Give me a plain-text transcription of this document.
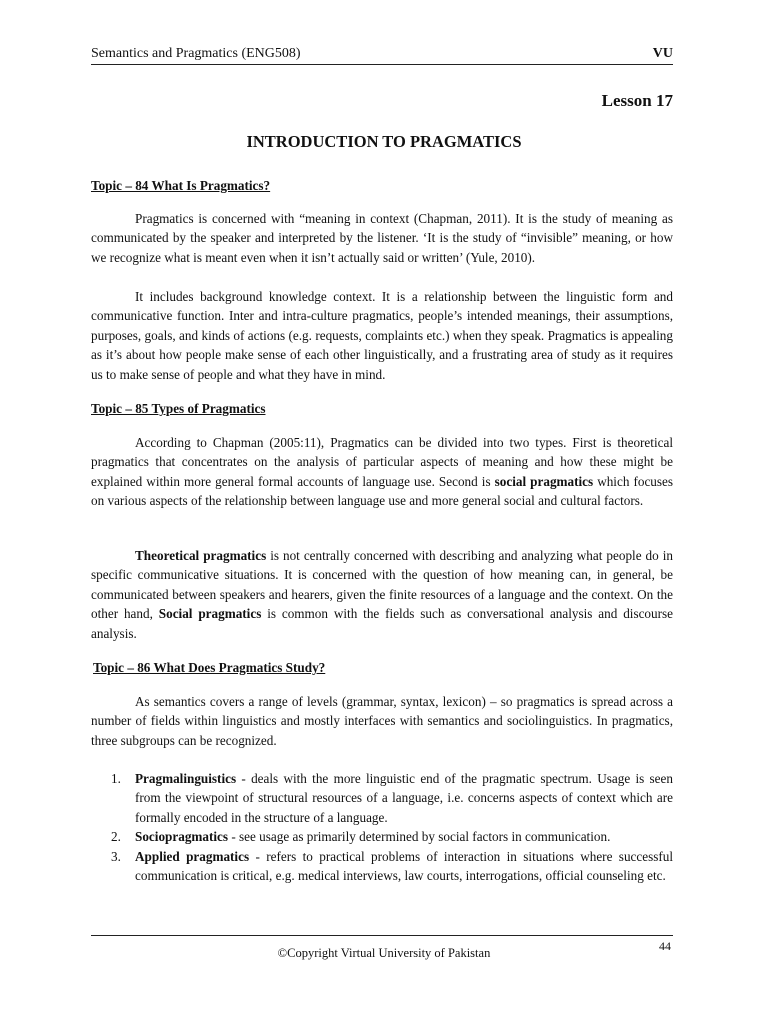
Semantics and Pragmatics (ENG508)	VU
Lesson 17
INTRODUCTION TO PRAGMATICS
Topic – 84 What Is Pragmatics?

Pragmatics is concerned with “meaning in context (Chapman, 2011). It is the study of meaning as communicated by the speaker and interpreted by the listener. ‘It is the study of “invisible” meaning, or how we recognize what is meant even when it isn’t actually said or written’ (Yule, 2010).

It includes background knowledge context. It is a relationship between the linguistic form and communicative function. Inter and intra-culture pragmatics, people’s intended meanings, their assumptions, purposes, goals, and kinds of actions (e.g. requests, complaints etc.) when they speak. Pragmatics is appealing as it’s about how people make sense of each other linguistically, and a frustrating area of study as it requires us to make sense of people and what they have in mind.

Topic – 85 Types of Pragmatics

According to Chapman (2005:11), Pragmatics can be divided into two types. First is theoretical pragmatics that concentrates on the analysis of particular aspects of meaning and how these might be explained within more general formal accounts of language use. Second is social pragmatics which focuses on various aspects of the relationship between language use and more general social and cultural factors.

Theoretical pragmatics is not centrally concerned with describing and analyzing what people do in specific communicative situations. It is concerned with the question of how meaning can, in general, be communicated between speakers and hearers, given the finite resources of a language and the context. On the other hand, Social pragmatics is common with the fields such as conversational analysis and discourse analysis.

Topic – 86 What Does Pragmatics Study?

As semantics covers a range of levels (grammar, syntax, lexicon) – so pragmatics is spread across a number of fields within linguistics and mostly interfaces with semantics and sociolinguistics. In pragmatics, three subgroups can be recognized.

1. Pragmalinguistics - deals with the more linguistic end of the pragmatic spectrum. Usage is seen from the viewpoint of structural resources of a language, i.e. concerns aspects of context which are formally encoded in the structure of a language.
2. Sociopragmatics - see usage as primarily determined by social factors in communication.
3. Applied pragmatics - refers to practical problems of interaction in situations where successful communication is critical, e.g. medical interviews, law courts, interrogations, official counseling etc.
44
©Copyright Virtual University of Pakistan
